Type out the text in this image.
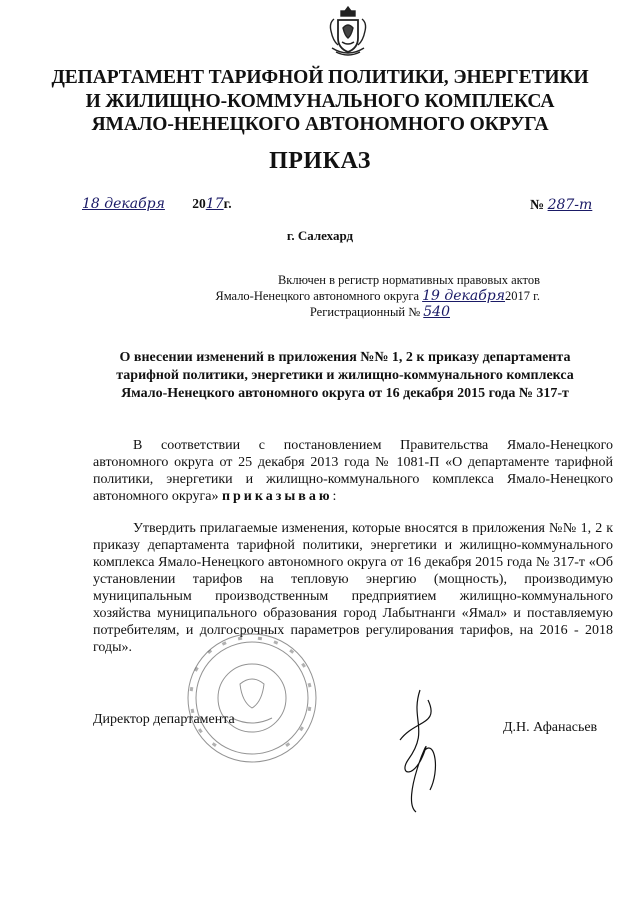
ДЕПАРТАМЕНТ ТАРИФНОЙ ПОЛИТИКИ, ЭНЕРГЕТИКИ
И ЖИЛИЩНО-КОММУНАЛЬНОГО КОМПЛЕКСА
ЯМАЛО-НЕНЕЦКОГО АВТОНОМНОГО ОКРУГА
ПРИКАЗ
18 декабря 2017г.	№ 287-т
г. Салехард
Включен в регистр нормативных правовых актов
Ямало-Ненецкого автономного округа 19 декабря2017 г.
Регистрационный № 540
О внесении изменений в приложения №№ 1, 2 к приказу департамента
тарифной политики, энергетики и жилищно-коммунального комплекса
Ямало-Ненецкого автономного округа от 16 декабря 2015 года № 317-т
В соответствии с постановлением Правительства Ямало-Ненецкого автономного округа от 25 декабря 2013 года № 1081-П «О департаменте тарифной политики, энергетики и жилищно-коммунального комплекса Ямало-Ненецкого автономного округа» приказываю:
Утвердить прилагаемые изменения, которые вносятся в приложения №№ 1, 2 к приказу департамента тарифной политики, энергетики и жилищно-коммунального комплекса Ямало-Ненецкого автономного округа от 16 декабря 2015 года № 317-т «Об установлении тарифов на тепловую энергию (мощность), производимую муниципальным производственным предприятием жилищно-коммунального хозяйства муниципального образования город Лабытнанги «Ямал» и поставляемую потребителям, и долгосрочных параметров регулирования тарифов, на 2016 - 2018 годы».
Директор департамента
Д.Н. Афанасьев
